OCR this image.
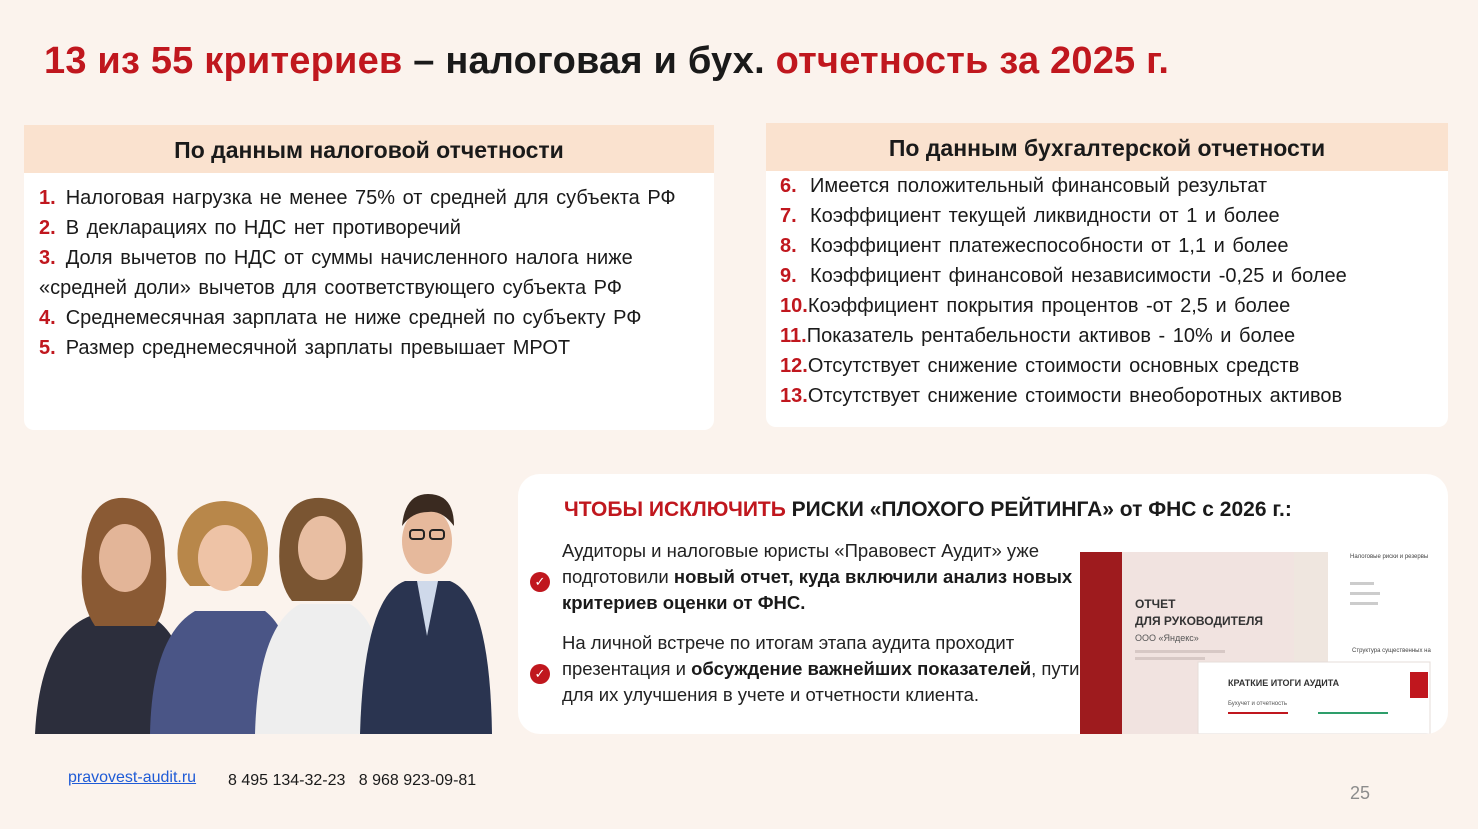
13 из 55 критериев – налоговая и бух. отчетность за 2025 г.
По данным налоговой отчетности
1. Налоговая нагрузка не менее 75% от средней для субъекта РФ
2. В декларациях по НДС нет противоречий
3. Доля вычетов по НДС от суммы начисленного налога ниже «средней доли» вычетов для соответствующего субъекта РФ
4. Среднемесячная зарплата не ниже средней по субъекту РФ
5. Размер среднемесячной зарплаты превышает МРОТ
По данным бухгалтерской отчетности
6. Имеется положительный финансовый результат
7. Коэффициент текущей ликвидности от 1 и более
8. Коэффициент платежеспособности от 1,1 и более
9. Коэффициент финансовой независимости -0,25 и более
10.Коэффициент покрытия процентов -от 2,5 и более
11.Показатель рентабельности активов - 10% и более
12.Отсутствует снижение стоимости основных средств
13.Отсутствует снижение стоимости внеоборотных активов
ЧТОБЫ ИСКЛЮЧИТЬ РИСКИ «ПЛОХОГО РЕЙТИНГА» от ФНС с 2026 г.:
✓
Аудиторы и налоговые юристы «Правовест Аудит» уже подготовили новый отчет, куда включили анализ новых критериев оценки от ФНС.
✓
На личной встрече по итогам этапа аудита проходит презентация и обсуждение важнейших показателей, пути для их улучшения в учете и отчетности клиента.
ОТЧЕТ
ДЛЯ РУКОВОДИТЕЛЯ
ООО «Яндекс»
Налоговые риски и резервы
Структура существенных на
КРАТКИЕ ИТОГИ АУДИТА
Бухучет и отчетность
pravovest-audit.ru 8 495 134-32-23   8 968 923-09-81
25
